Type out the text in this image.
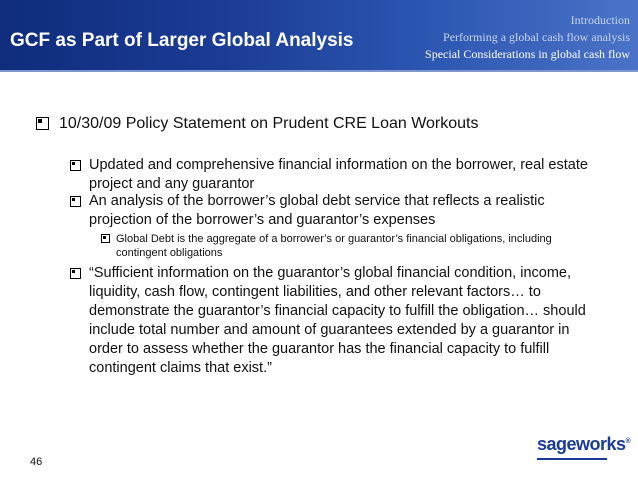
GCF as Part of Larger Global Analysis
Introduction
Performing a global cash flow analysis
Special Considerations in global cash flow
10/30/09 Policy Statement on Prudent CRE Loan Workouts
Updated and comprehensive financial information on the borrower, real estate project and any guarantor
An analysis of the borrower’s global debt service that reflects a realistic projection of the borrower’s and guarantor’s expenses
Global Debt is the aggregate of a borrower’s or guarantor’s financial obligations, including contingent obligations
“Sufficient information on the guarantor’s global financial condition, income, liquidity, cash flow, contingent liabilities, and other relevant factors… to demonstrate the guarantor’s financial capacity to fulfill the obligation… should include total number and amount of guarantees extended by a guarantor in order to assess whether the guarantor has the financial capacity to fulfill contingent claims that exist.”
46
sageworks®
